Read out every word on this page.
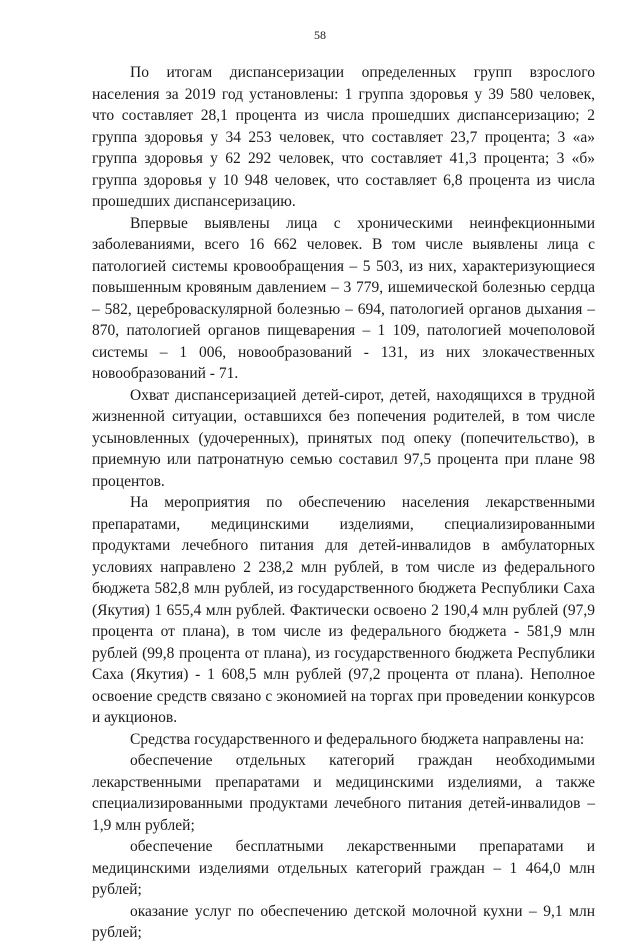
58

По итогам диспансеризации определенных групп взрослого населения за 2019 год установлены: 1 группа здоровья у 39 580 человек, что составляет 28,1 процента из числа прошедших диспансеризацию; 2 группа здоровья у 34 253 человек, что составляет 23,7 процента; 3 «а» группа здоровья у 62 292 человек, что составляет 41,3 процента; 3 «б» группа здоровья у 10 948 человек, что составляет 6,8 процента из числа прошедших диспансеризацию.

Впервые выявлены лица с хроническими неинфекционными заболеваниями, всего 16 662 человек. В том числе выявлены лица с патологией системы кровообращения – 5 503, из них, характеризующиеся повышенным кровяным давлением – 3 779, ишемической болезнью сердца – 582, цереброваскулярной болезнью – 694, патологией органов дыхания – 870, патологией органов пищеварения – 1 109, патологией мочеполовой системы – 1 006, новообразований - 131, из них злокачественных новообразований - 71.

Охват диспансеризацией детей-сирот, детей, находящихся в трудной жизненной ситуации, оставшихся без попечения родителей, в том числе усыновленных (удочеренных), принятых под опеку (попечительство), в приемную или патронатную семью составил 97,5 процента при плане 98 процентов.

На мероприятия по обеспечению населения лекарственными препаратами, медицинскими изделиями, специализированными продуктами лечебного питания для детей-инвалидов в амбулаторных условиях направлено 2 238,2 млн рублей, в том числе из федерального бюджета 582,8 млн рублей, из государственного бюджета Республики Саха (Якутия) 1 655,4 млн рублей. Фактически освоено 2 190,4 млн рублей (97,9 процента от плана), в том числе из федерального бюджета - 581,9 млн рублей (99,8 процента от плана), из государственного бюджета Республики Саха (Якутия) - 1 608,5 млн рублей (97,2 процента от плана). Неполное освоение средств связано с экономией на торгах при проведении конкурсов и аукционов.

Средства государственного и федерального бюджета направлены на:

обеспечение отдельных категорий граждан необходимыми лекарственными препаратами и медицинскими изделиями, а также специализированными продуктами лечебного питания детей-инвалидов – 1,9 млн рублей;

обеспечение бесплатными лекарственными препаратами и медицинскими изделиями отдельных категорий граждан – 1 464,0 млн рублей;

оказание услуг по обеспечению детской молочной кухни – 9,1 млн рублей;
